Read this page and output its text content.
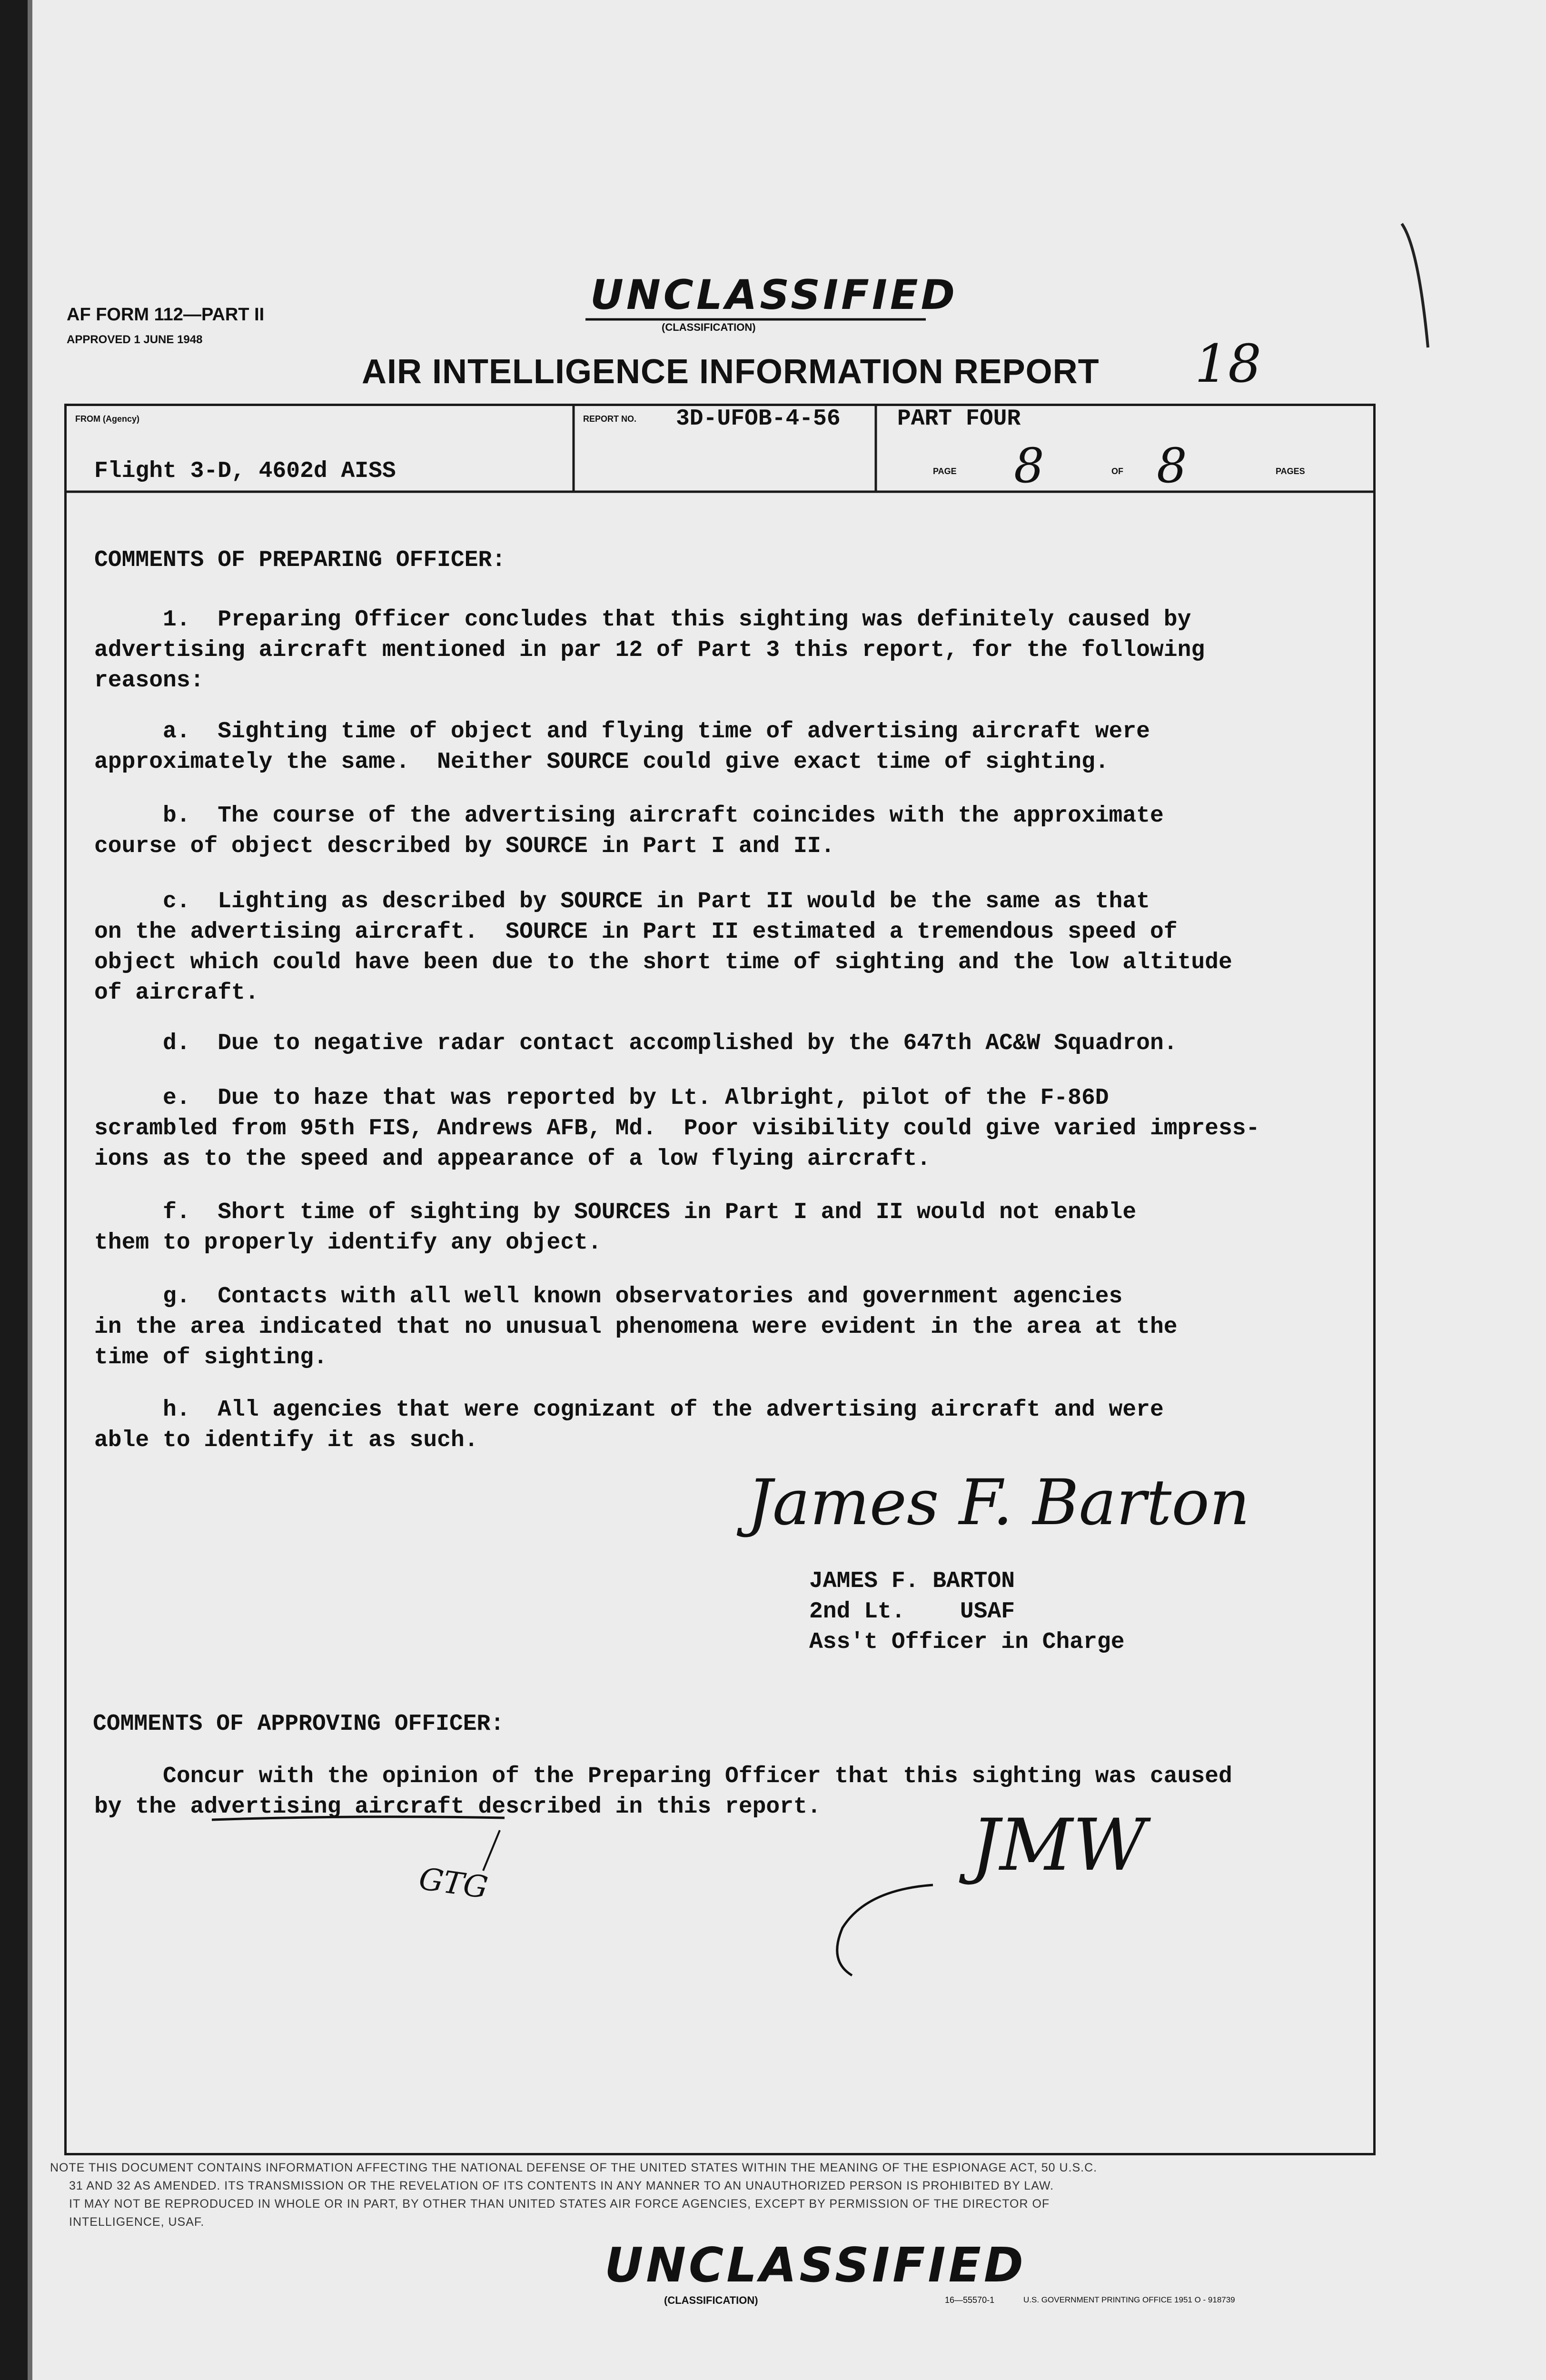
UNCLASSIFIED
(CLASSIFICATION)
AF FORM 112—PART II
APPROVED 1 JUNE 1948
AIR INTELLIGENCE INFORMATION REPORT 18
FROM (Agency)
Flight 3-D, 4602d AISS
REPORT NO. 3D-UFOB-4-56 PART FOUR
PAGE 8	OF 8	PAGES
COMMENTS OF PREPARING OFFICER:
1.  Preparing Officer concludes that this sighting was definitely caused by
advertising aircraft mentioned in par 12 of Part 3 this report, for the following
reasons:
a.  Sighting time of object and flying time of advertising aircraft were
approximately the same.  Neither SOURCE could give exact time of sighting.
b.  The course of the advertising aircraft coincides with the approximate
course of object described by SOURCE in Part I and II.
c.  Lighting as described by SOURCE in Part II would be the same as that
on the advertising aircraft.  SOURCE in Part II estimated a tremendous speed of
object which could have been due to the short time of sighting and the low altitude
of aircraft.
d.  Due to negative radar contact accomplished by the 647th AC&W Squadron.
e.  Due to haze that was reported by Lt. Albright, pilot of the F-86D
scrambled from 95th FIS, Andrews AFB, Md.  Poor visibility could give varied impress-
ions as to the speed and appearance of a low flying aircraft.
f.  Short time of sighting by SOURCES in Part I and II would not enable
them to properly identify any object.
g.  Contacts with all well known observatories and government agencies
in the area indicated that no unusual phenomena were evident in the area at the
time of sighting.
h.  All agencies that were cognizant of the advertising aircraft and were
able to identify it as such.
James F. Barton
JAMES F. BARTON
2nd Lt.    USAF
Ass't Officer in Charge
COMMENTS OF APPROVING OFFICER:
Concur with the opinion of the Preparing Officer that this sighting was caused
by the advertising aircraft described in this report.
GTG	JMW
NOTE THIS DOCUMENT CONTAINS INFORMATION AFFECTING THE NATIONAL DEFENSE OF THE UNITED STATES WITHIN THE MEANING OF THE ESPIONAGE ACT, 50 U.S.C.
31 AND 32 AS AMENDED. ITS TRANSMISSION OR THE REVELATION OF ITS CONTENTS IN ANY MANNER TO AN UNAUTHORIZED PERSON IS PROHIBITED BY LAW.
IT MAY NOT BE REPRODUCED IN WHOLE OR IN PART, BY OTHER THAN UNITED STATES AIR FORCE AGENCIES, EXCEPT BY PERMISSION OF THE DIRECTOR OF
INTELLIGENCE, USAF.
UNCLASSIFIED
(CLASSIFICATION)	16—55570-1	U.S. GOVERNMENT PRINTING OFFICE 1951 O - 918739
